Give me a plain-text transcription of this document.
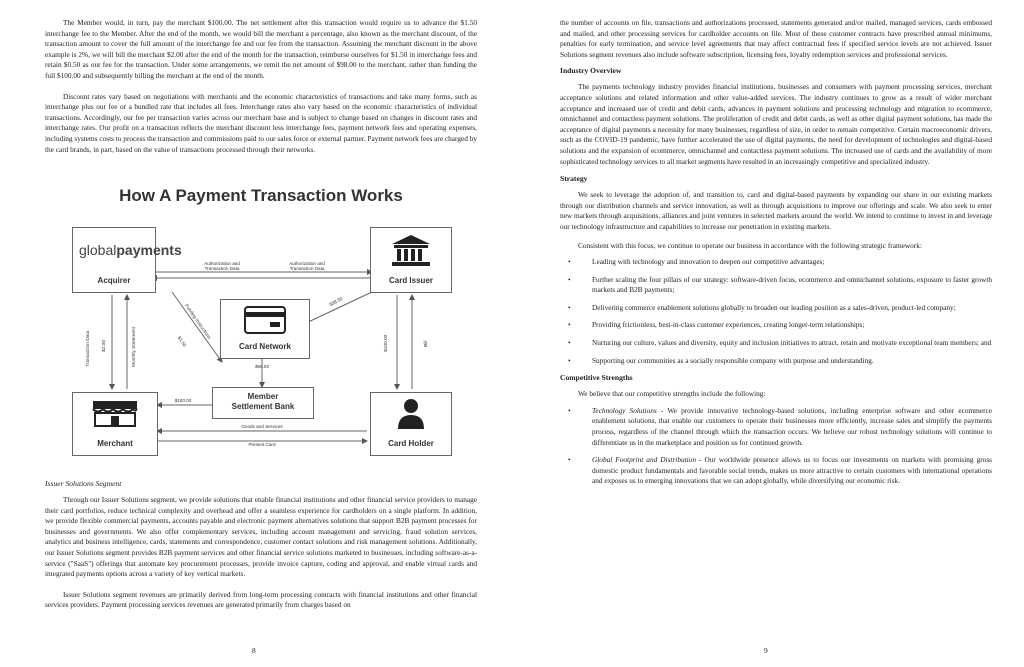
The Member would, in turn, pay the merchant $100.00. The net settlement after this transaction would require us to advance the $1.50 interchange fee to the Member. After the end of the month, we would bill the merchant a percentage, also known as the merchant discount, of the transaction amount to cover the full amount of the interchange fee and our fee from the transaction. Assuming the merchant discount in the above example is 2%, we will bill the merchant $2.00 after the end of the month for the transaction, reimburse ourselves for $1.50 in interchange fees and retain $0.50 as our fee for the transaction. Under some arrangements, we remit the net amount of $98.00 to the merchant, rather than funding the full $100.00 and subsequently billing the merchant at the end of the month.

Discount rates vary based on negotiations with merchants and the economic characteristics of transactions and take many forms, such as interchange plus our fee or a bundled rate that includes all fees. Interchange rates also vary based on the economic characteristics of individual transactions. Accordingly, our fee per transaction varies across our merchant base and is subject to change based on changes in discount rates and interchange rates. Our profit on a transaction reflects the merchant discount less interchange fees, payment network fees and operating expenses, including systems costs to process the transaction and commissions paid to our sales force or external partner. Payment network fees are charged by the card brands, in part, based on the value of transactions processed through their networks.

How A Payment Transaction Works
globalpayments
Acquirer	Card Issuer
Card Network
Member
Settlement Bank
Merchant	Card Holder
Authorization and Transaction Data
Authorization and Transaction Data
Transaction Data $2.00	Monthly Statement
Funding Instructions
$1.50
$98.50
$98.50
$100.00	Bill
$100.00
Goods and Services
Present Card
Issuer Solutions Segment

Through our Issuer Solutions segment, we provide solutions that enable financial institutions and other financial service providers to manage their card portfolios, reduce technical complexity and overhead and offer a seamless experience for cardholders on a single platform. In addition, we provide flexible commercial payments, accounts payable and electronic payment alternatives solutions that support B2B payment processes for businesses and governments. We also offer complementary services, including account management and servicing, fraud solution services, analytics and business intelligence, cards, statements and correspondence, customer contact solutions and risk management solutions. Additionally, our Issuer Solutions segment provides B2B payment services and other financial service solutions marketed to businesses, including software-as-a-service ("SaaS") offerings that automate key procurement processes, provide invoice capture, coding and approval, and enable virtual cards and integrated payments options across a variety of key vertical markets.

Issuer Solutions segment revenues are primarily derived from long-term processing contracts with financial institutions and other financial services providers. Payment processing services revenues are generated primarily from charges based on

8

the number of accounts on file, transactions and authorizations processed, statements generated and/or mailed, managed services, cards embossed and mailed, and other processing services for cardholder accounts on file. Most of these customer contracts have prescribed annual minimums, penalties for early termination, and service level agreements that may affect contractual fees if specified service levels are not achieved. Issuer Solutions segment revenues also include software subscription, licensing fees, loyalty redemption services and professional services.

Industry Overview

The payments technology industry provides financial institutions, businesses and consumers with payment processing services, merchant acceptance solutions and related information and other value-added services. The industry continues to grow as a result of wider merchant acceptance and increased use of credit and debit cards, advances in payment solutions and processing technology and migration to ecommerce, omnichannel and contactless payment solutions. The proliferation of credit and debit cards, as well as other digital payment solutions, has made the acceptance of digital payments a necessity for many businesses, regardless of size, in order to remain competitive. Certain macroeconomic drivers, such as the COVID-19 pandemic, have further accelerated the use of digital payments, the need for development of technologies and digital-based solutions and the expansion of ecommerce, omnichannel and contactless payment solutions. The increased use of cards and the availability of more sophisticated technology services to all market segments have resulted in an increasingly competitive and specialized industry.

Strategy

We seek to leverage the adoption of, and transition to, card and digital-based payments by expanding our share in our existing markets through our distribution channels and service innovation, as well as through acquisitions to improve our offerings and scale. We also seek to enter new markets through acquisitions, alliances and joint ventures in selected markets around the world. We intend to continue to invest in and leverage our technology infrastructure and capabilities to increase our penetration in existing markets.

Consistent with this focus, we continue to operate our business in accordance with the following strategic framework:

•	Leading with technology and innovation to deepen our competitive advantages;
•	Further scaling the four pillars of our strategy: software-driven focus, ecommerce and omnichannel solutions, exposure to faster growth markets and B2B payments;
•	Delivering commerce enablement solutions globally to broaden our leading position as a sales-driven, product-led company;
•	Providing frictionless, best-in-class customer experiences, creating longer-term relationships;
•	Nurturing our culture, values and diversity, equity and inclusion initiatives to attract, retain and motivate exceptional team members; and
•	Supporting our communities as a socially responsible company with purpose and understanding.
Competitive Strengths

We believe that our competitive strengths include the following:

•	Technology Solutions - We provide innovative technology-based solutions, including enterprise software and other ecommerce enablement solutions, that enable our customers to operate their businesses more efficiently, increase sales and simplify the payments process, regardless of the channel through which the transaction occurs. We believe our robust technology solutions will continue to differentiate us in the marketplace and position us for continued growth.
•	Global Footprint and Distribution - Our worldwide presence allows us to focus our investments on markets with promising gross domestic product fundamentals and favorable social trends, makes us more attractive to certain customers with international operations and exposes us to emerging innovations that we can adopt globally, while diversifying our economic risk.
9
